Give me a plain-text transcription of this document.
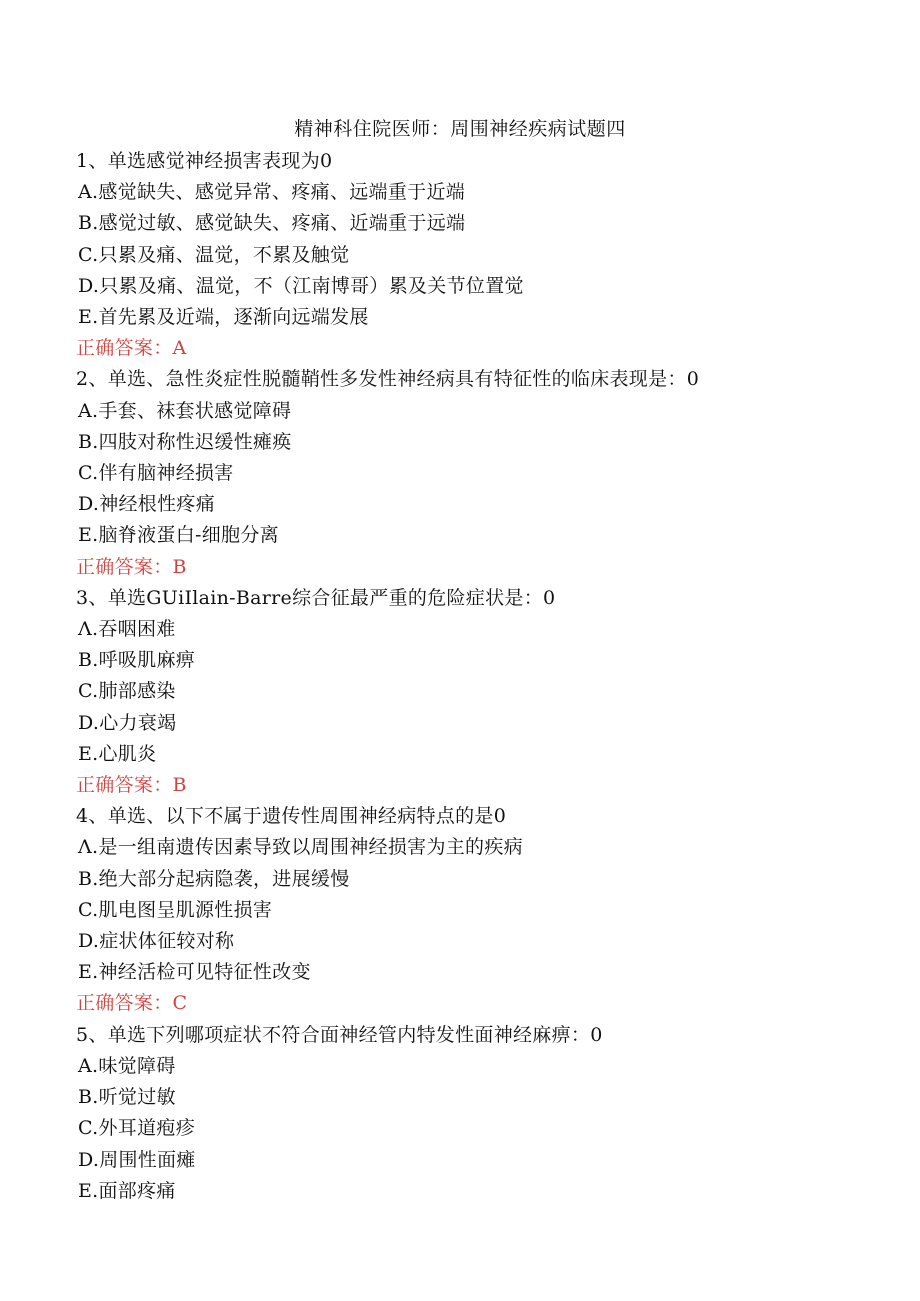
精神科住院医师：周围神经疾病试题四
1、单选感觉神经损害表现为0
A.感觉缺失、感觉异常、疼痛、远端重于近端
B.感觉过敏、感觉缺失、疼痛、近端重于远端
C.只累及痛、温觉，不累及触觉
D.只累及痛、温觉，不（江南博哥）累及关节位置觉
E.首先累及近端，逐渐向远端发展
正确答案：A
2、单选、急性炎症性脱髓鞘性多发性神经病具有特征性的临床表现是：0
A.手套、袜套状感觉障碍
B.四肢对称性迟缓性瘫痪
C.伴有脑神经损害
D.神经根性疼痛
E.脑脊液蛋白-细胞分离
正确答案：B
3、单选GUiIlain-Barre综合征最严重的危险症状是：0
Λ.吞咽困难
B.呼吸肌麻痹
C.肺部感染
D.心力衰竭
E.心肌炎
正确答案：B
4、单选、以下不属于遗传性周围神经病特点的是0
Λ.是一组南遗传因素导致以周围神经损害为主的疾病
B.绝大部分起病隐袭，进展缓慢
C.肌电图呈肌源性损害
D.症状体征较对称
E.神经活检可见特征性改变
正确答案：C
5、单选下列哪项症状不符合面神经管内特发性面神经麻痹：0
A.味觉障碍
B.听觉过敏
C.外耳道疱疹
D.周围性面瘫
E.面部疼痛
